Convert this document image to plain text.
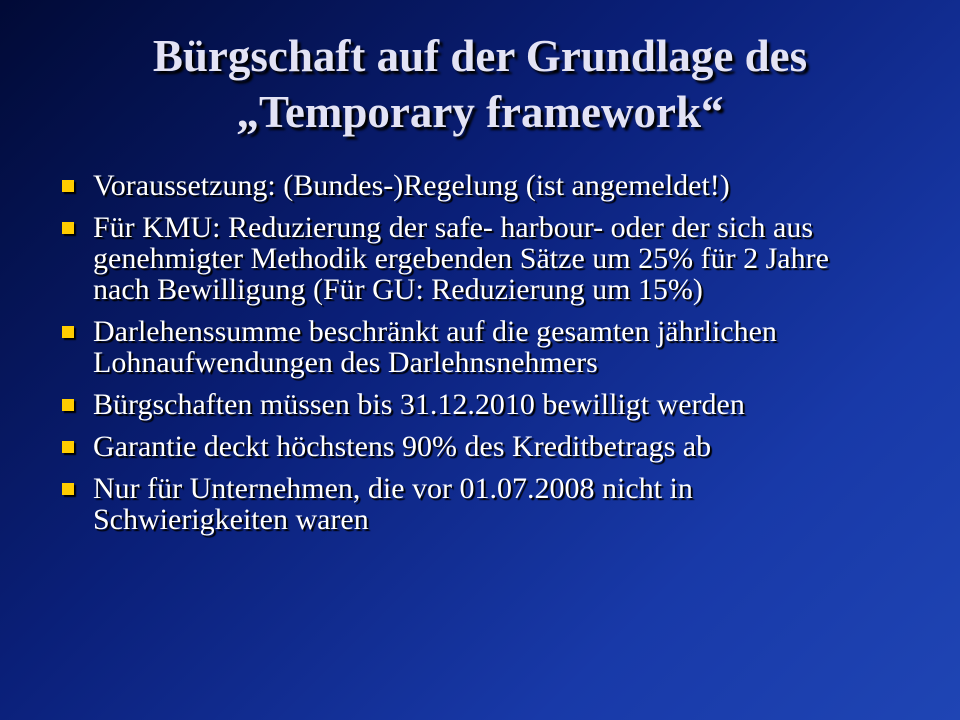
Bürgschaft auf der Grundlage des
„Temporary framework“
Voraussetzung: (Bundes-)Regelung (ist angemeldet!)
Für KMU: Reduzierung der safe- harbour- oder der sich aus genehmigter Methodik ergebenden Sätze um 25% für 2 Jahre nach Bewilligung (Für GU: Reduzierung um 15%)
Darlehenssumme beschränkt auf die gesamten jährlichen Lohnaufwendungen des Darlehnsnehmers
Bürgschaften müssen bis 31.12.2010 bewilligt werden
Garantie deckt höchstens 90% des Kreditbetrags ab
Nur für Unternehmen, die vor 01.07.2008 nicht in Schwierigkeiten waren
